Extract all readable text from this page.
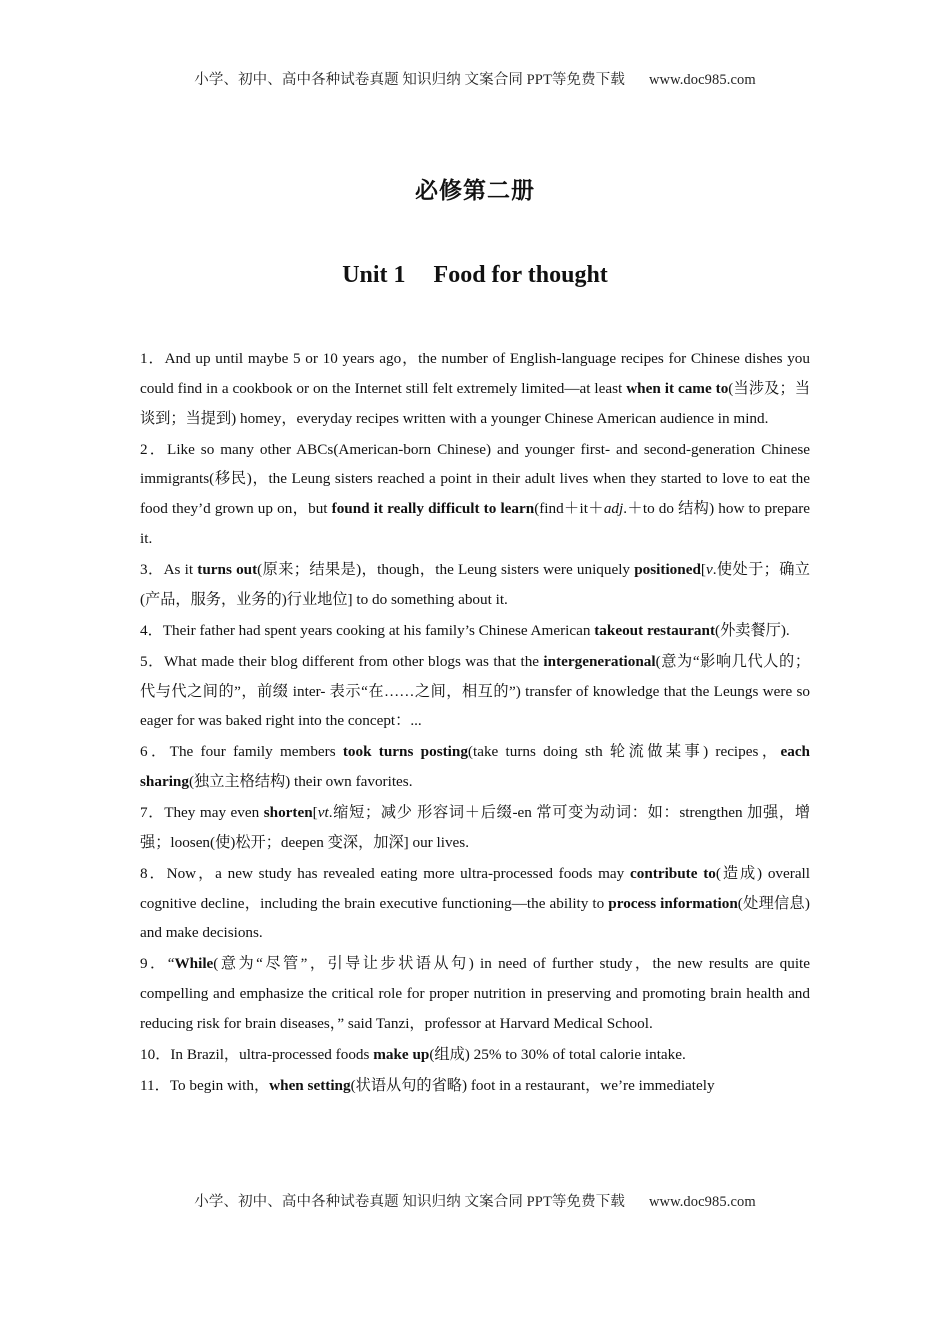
小学、初中、高中各种试卷真题 知识归纳 文案合同 PPT等免费下载 www.doc985.com
必修第二册
Unit 1 Food for thought

1．And up until maybe 5 or 10 years ago，the number of English-language recipes for Chinese dishes you could find in a cookbook or on the Internet still felt extremely limited—at least when it came to(当涉及；当谈到；当提到) homey，everyday recipes written with a younger Chinese American audience in mind.

2．Like so many other ABCs(American-born Chinese) and younger first- and second-generation Chinese immigrants(移民)，the Leung sisters reached a point in their adult lives when they started to love to eat the food they’d grown up on，but found it really difficult to learn(find＋it＋adj.＋to do 结构) how to prepare it.

3．As it turns out(原来；结果是)，though，the Leung sisters were uniquely positioned[v.使处于；确立(产品，服务，业务的)行业地位] to do something about it.

4．Their father had spent years cooking at his family’s Chinese American takeout restaurant(外卖餐厅).

5．What made their blog different from other blogs was that the intergenerational(意为“影响几代人的；代与代之间的”，前缀 inter- 表示“在……之间，相互的”) transfer of knowledge that the Leungs were so eager for was baked right into the concept：...

6．The four family members took turns posting(take turns doing sth 轮流做某事) recipes，each sharing(独立主格结构) their own favorites.

7．They may even shorten[vt.缩短；减少 形容词＋后缀-en 常可变为动词：如：strengthen 加强，增强；loosen(使)松开；deepen 变深，加深] our lives.

8．Now，a new study has revealed eating more ultra-processed foods may contribute to(造成) overall cognitive decline，including the brain executive functioning—the ability to process information(处理信息) and make decisions.

9．“While(意为“尽管”，引导让步状语从句) in need of further study，the new results are quite compelling and emphasize the critical role for proper nutrition in preserving and promoting brain health and reducing risk for brain diseases，” said Tanzi，professor at Harvard Medical School.

10．In Brazil，ultra-processed foods make up(组成) 25% to 30% of total calorie intake.

11．To begin with，when setting(状语从句的省略) foot in a restaurant，we’re immediately

小学、初中、高中各种试卷真题 知识归纳 文案合同 PPT等免费下载 www.doc985.com
